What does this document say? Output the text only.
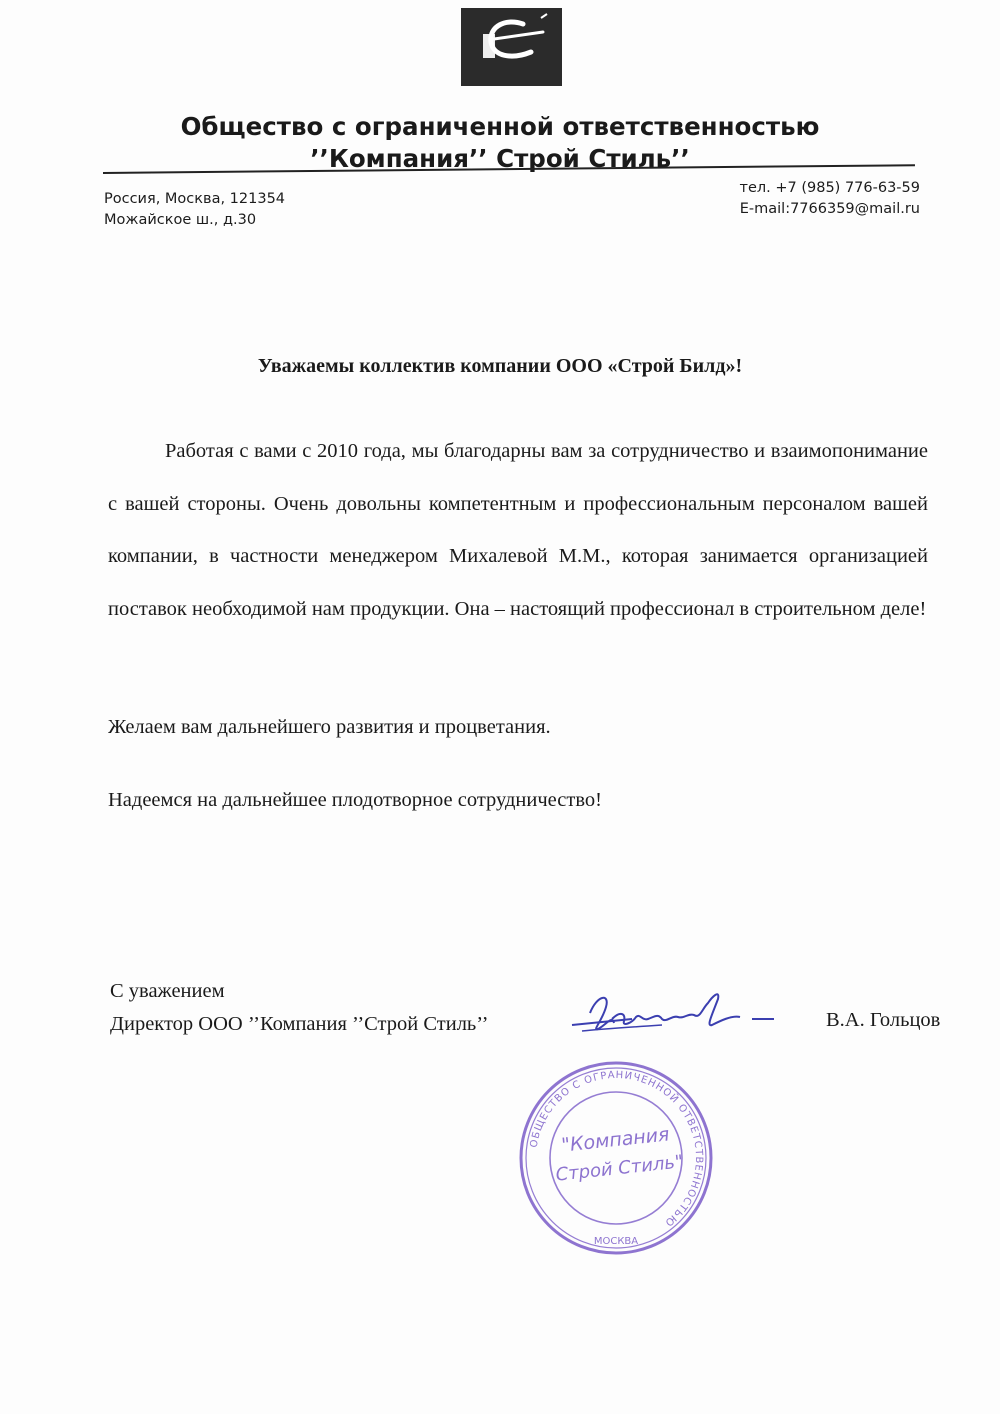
Общество с ограниченной ответственностью
’’Компания’’ Строй Стиль’’
Россия, Москва, 121354
Можайское ш., д.30
тел. +7 (985) 776-63-59
E-mail:7766359@mail.ru
Уважаемы коллектив компании ООО «Строй Билд»!
Работая с вами с 2010 года, мы благодарны вам за сотрудничество и взаимопонимание с вашей стороны. Очень довольны компетентным и профессиональным персоналом вашей компании, в частности менеджером Михалевой М.М., которая занимается организацией поставок необходимой нам продукции. Она – настоящий профессионал в строительном деле!
Желаем вам дальнейшего развития и процветания.
Надеемся на дальнейшее плодотворное сотрудничество!
С уважением
Директор ООО ’’Компания ’’Строй Стиль’’	В.А. Гольцов
ОБЩЕСТВО С ОГРАНИЧЕННОЙ ОТВЕТСТВЕННОСТЬЮ
МОСКВА
"Компания
Строй Стиль"
